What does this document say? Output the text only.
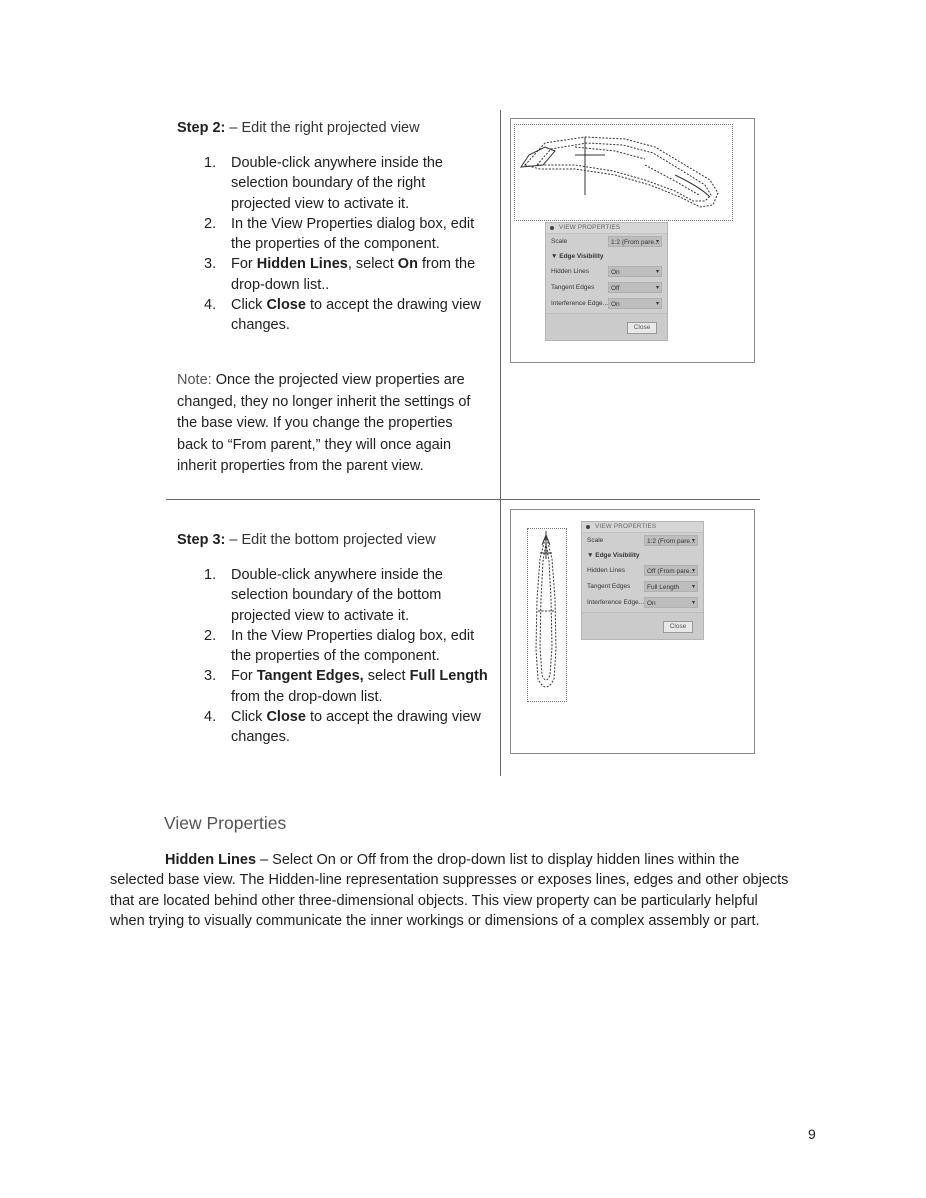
Step 2: – Edit the right projected view
1. Double-click anywhere inside the
selection boundary of the right
projected view to activate it.
2. In the View Properties dialog box, edit
the properties of the component.
3. For Hidden Lines, select On from the
drop-down list..
4. Click Close to accept the drawing view
changes.
Note: Once the projected view properties are
changed, they no longer inherit the settings of
the base view. If you change the properties
back to “From parent,” they will once again
inherit properties from the parent view.
VIEW PROPERTIES
Scale	1:2 (From pare... ▾
▼ Edge Visibility
Hidden Lines	On ▾
Tangent Edges	Off ▾
Interference Edge... On ▾
Close
Step 3: – Edit the bottom projected view
1. Double-click anywhere inside the
selection boundary of the bottom
projected view to activate it.
2. In the View Properties dialog box, edit
the properties of the component.
3. For Tangent Edges, select Full Length
from the drop-down list.
4. Click Close to accept the drawing view
changes.
VIEW PROPERTIES
Scale	1:2 (From pare... ▾
▼ Edge Visibility
Hidden Lines	Off (From pare... ▾
Tangent Edges	Full Length ▾
Interference Edge... On ▾
Close
View Properties
Hidden Lines – Select On or Off from the drop-down list to display hidden lines within the
selected base view. The Hidden-line representation suppresses or exposes lines, edges and other objects
that are located behind other three-dimensional objects. This view property can be particularly helpful
when trying to visually communicate the inner workings or dimensions of a complex assembly or part.
9
